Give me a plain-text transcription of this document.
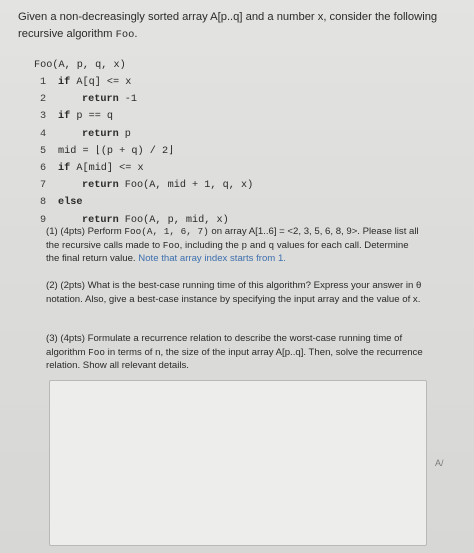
Given a non-decreasingly sorted array A[p..q] and a number x, consider the following
recursive algorithm Foo.
Foo(A, p, q, x)
1	if A[q] <= x
2	return -1
3	if p == q
4	return p
5	mid = ⌊(p + q) / 2⌋
6	if A[mid] <= x
7	return Foo(A, mid + 1, q, x)
8	else
9	return Foo(A, p, mid, x)
(1) (4pts) Perform Foo(A, 1, 6, 7) on array A[1..6] = <2, 3, 5, 6, 8, 9>. Please list all the recursive calls made to Foo, including the p and q values for each call. Determine the final return value. Note that array index starts from 1.
(2) (2pts) What is the best-case running time of this algorithm? Express your answer in θ notation. Also, give a best-case instance by specifying the input array and the value of x.
(3) (4pts) Formulate a recurrence relation to describe the worst-case running time of algorithm Foo in terms of n, the size of the input array A[p..q]. Then, solve the recurrence relation. Show all relevant details.
A/
